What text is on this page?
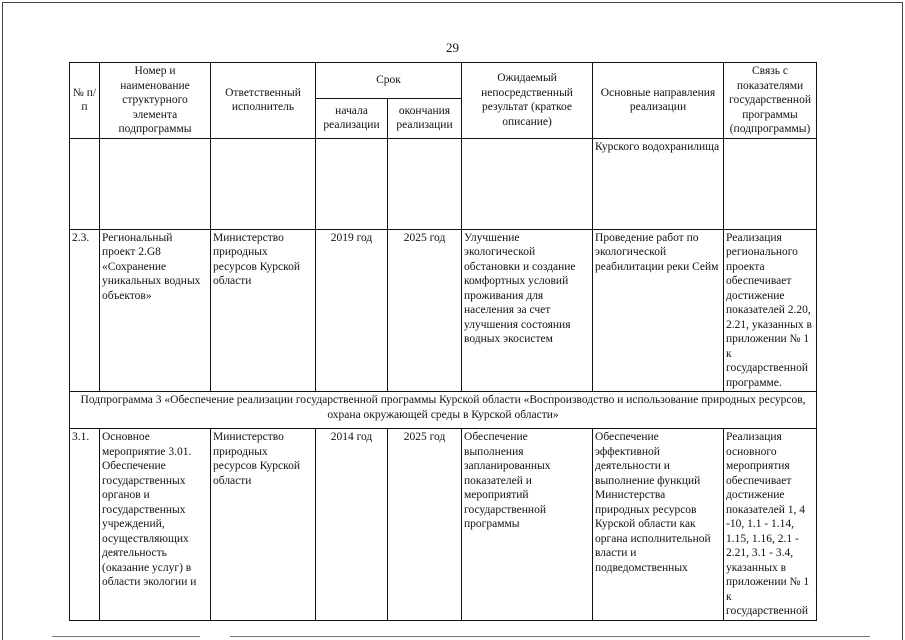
29
№ п/п	Номер и наименование структурного элемента подпрограммы	Ответственный исполнитель	Срок		Ожидаемый непосредственный результат (краткое описание)	Основные направления реализации	Связь с показателями государственной программы (подпрограммы)
			начала реализации	окончания реализации			
						Курского водохранилища	
2.3.	Региональный проект 2.G8 «Сохранение уникальных водных объектов»	Министерство природных ресурсов Курской области	2019 год	2025 год	Улучшение экологической обстановки и создание комфортных условий проживания для населения за счет улучшения состояния водных экосистем	Проведение работ по экологической реабилитации реки Сейм	Реализация регионального проекта обеспечивает достижение показателей 2.20, 2.21, указанных в приложении № 1 к государственной программе.
Подпрограмма 3 «Обеспечение реализации государственной программы Курской области «Воспроизводство и использование природных ресурсов, охрана окружающей среды в Курской области»							
3.1.	Основное мероприятие 3.01. Обеспечение государственных органов и государственных учреждений, осуществляющих деятельность (оказание услуг) в области экологии и	Министерство природных ресурсов Курской области	2014 год	2025 год	Обеспечение выполнения запланированных показателей и мероприятий государственной программы	Обеспечение эффективной деятельности и выполнение функций Министерства природных ресурсов Курской области как органа исполнительной власти и подведомственных	Реализация основного мероприятия обеспечивает достижение показателей 1, 4 -10, 1.1 - 1.14, 1.15, 1.16, 2.1 - 2.21, 3.1 - 3.4, указанных в приложении № 1 к государственной
